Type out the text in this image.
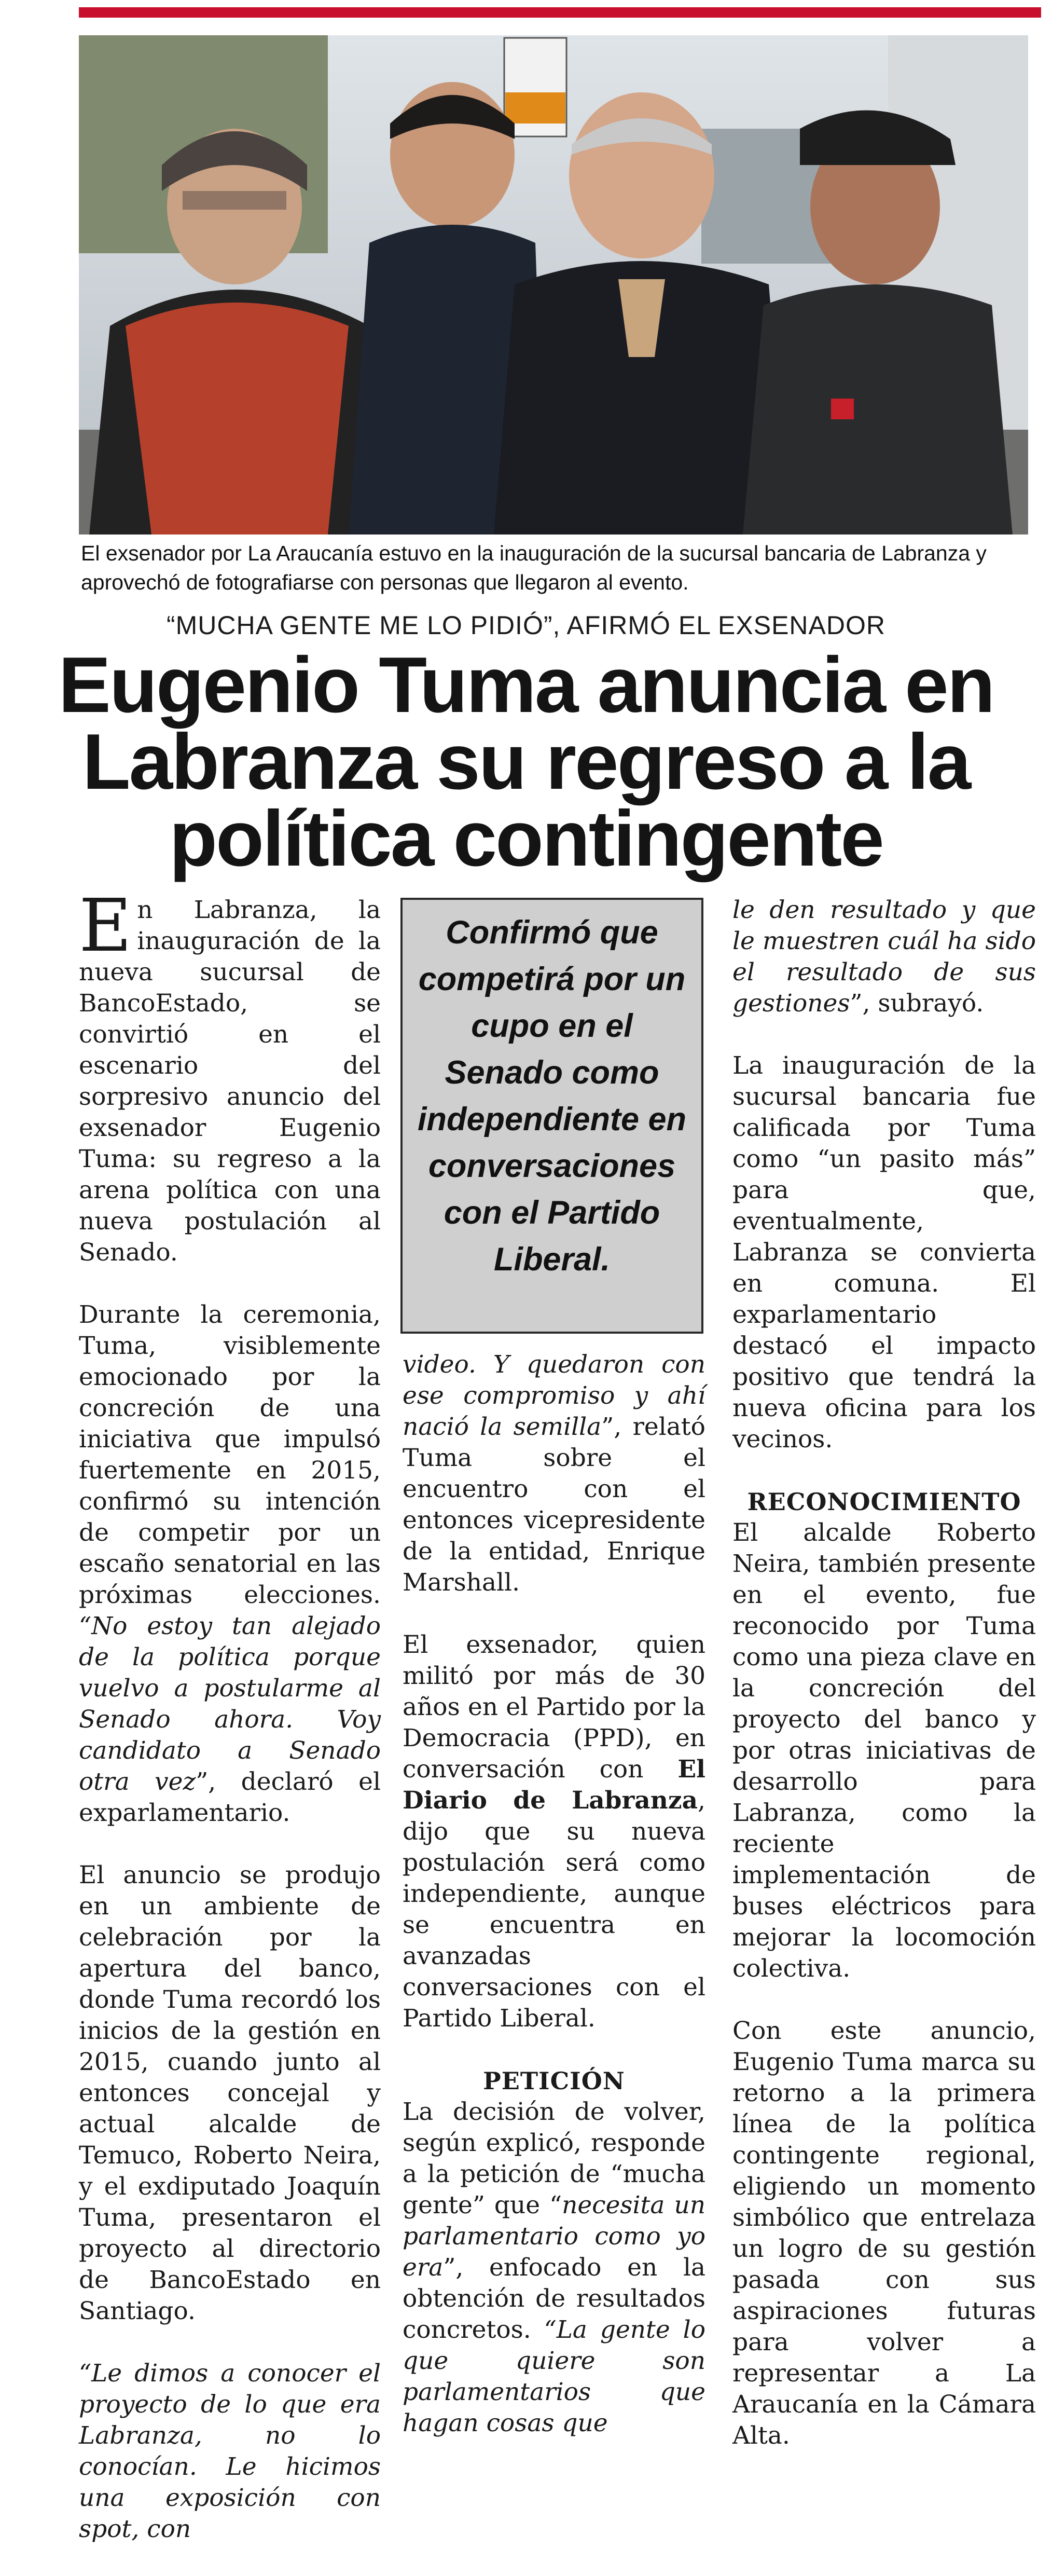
El exsenador por La Araucanía estuvo en la inauguración de la sucursal bancaria de Labranza y aprovechó de fotografiarse con personas que llegaron al evento.
“MUCHA GENTE ME LO PIDIÓ”, AFIRMÓ EL EXSENADOR
Eugenio Tuma anuncia en
Labranza su regreso a la
política contingente

En Labranza, la inauguración de la nueva sucursal de BancoEstado, se convirtió en el escenario del sorpresivo anuncio del exsenador Eugenio Tuma: su regreso a la arena política con una nueva postulación al Senado.

Durante la ceremonia, Tuma, visiblemente emocionado por la concreción de una iniciativa que impulsó fuertemente en 2015, confirmó su intención de competir por un escaño senatorial en las próximas elecciones. “No estoy tan alejado de la política porque vuelvo a postularme al Senado ahora. Voy candidato a Senado otra vez”, declaró el exparlamentario.

El anuncio se produjo en un ambiente de celebración por la apertura del banco, donde Tuma recordó los inicios de la gestión en 2015, cuando junto al entonces concejal y actual alcalde de Temuco, Roberto Neira, y el exdiputado Joaquín Tuma, presentaron el proyecto al directorio de BancoEstado en Santiago.

“Le dimos a conocer el proyecto de lo que era Labranza, no lo conocían. Le hicimos una exposición con spot, con

Confirmó que competirá por un cupo en el Senado como independiente en conversaciones con el Partido Liberal.

video. Y quedaron con ese compromiso y ahí nació la semilla”, relató Tuma sobre el encuentro con el entonces vicepresidente de la entidad, Enrique Marshall.

El exsenador, quien militó por más de 30 años en el Partido por la Democracia (PPD), en conversación con El Diario de Labranza, dijo que su nueva postulación será como independiente, aunque se encuentra en avanzadas conversaciones con el Partido Liberal.

PETICIÓN

La decisión de volver, según explicó, responde a la petición de “mucha gente” que “necesita un parlamentario como yo era”, enfocado en la obtención de resultados concretos. “La gente lo que quiere son parlamentarios que hagan cosas que

le den resultado y que le muestren cuál ha sido el resultado de sus gestiones”, subrayó.

La inauguración de la sucursal bancaria fue calificada por Tuma como “un pasito más” para que, eventualmente, Labranza se convierta en comuna. El exparlamentario destacó el impacto positivo que tendrá la nueva oficina para los vecinos.

RECONOCIMIENTO

El alcalde Roberto Neira, también presente en el evento, fue reconocido por Tuma como una pieza clave en la concreción del proyecto del banco y por otras iniciativas de desarrollo para Labranza, como la reciente implementación de buses eléctricos para mejorar la locomoción colectiva.

Con este anuncio, Eugenio Tuma marca su retorno a la primera línea de la política contingente regional, eligiendo un momento simbólico que entrelaza un logro de su gestión pasada con sus aspiraciones futuras para volver a representar a La Araucanía en la Cámara Alta.
